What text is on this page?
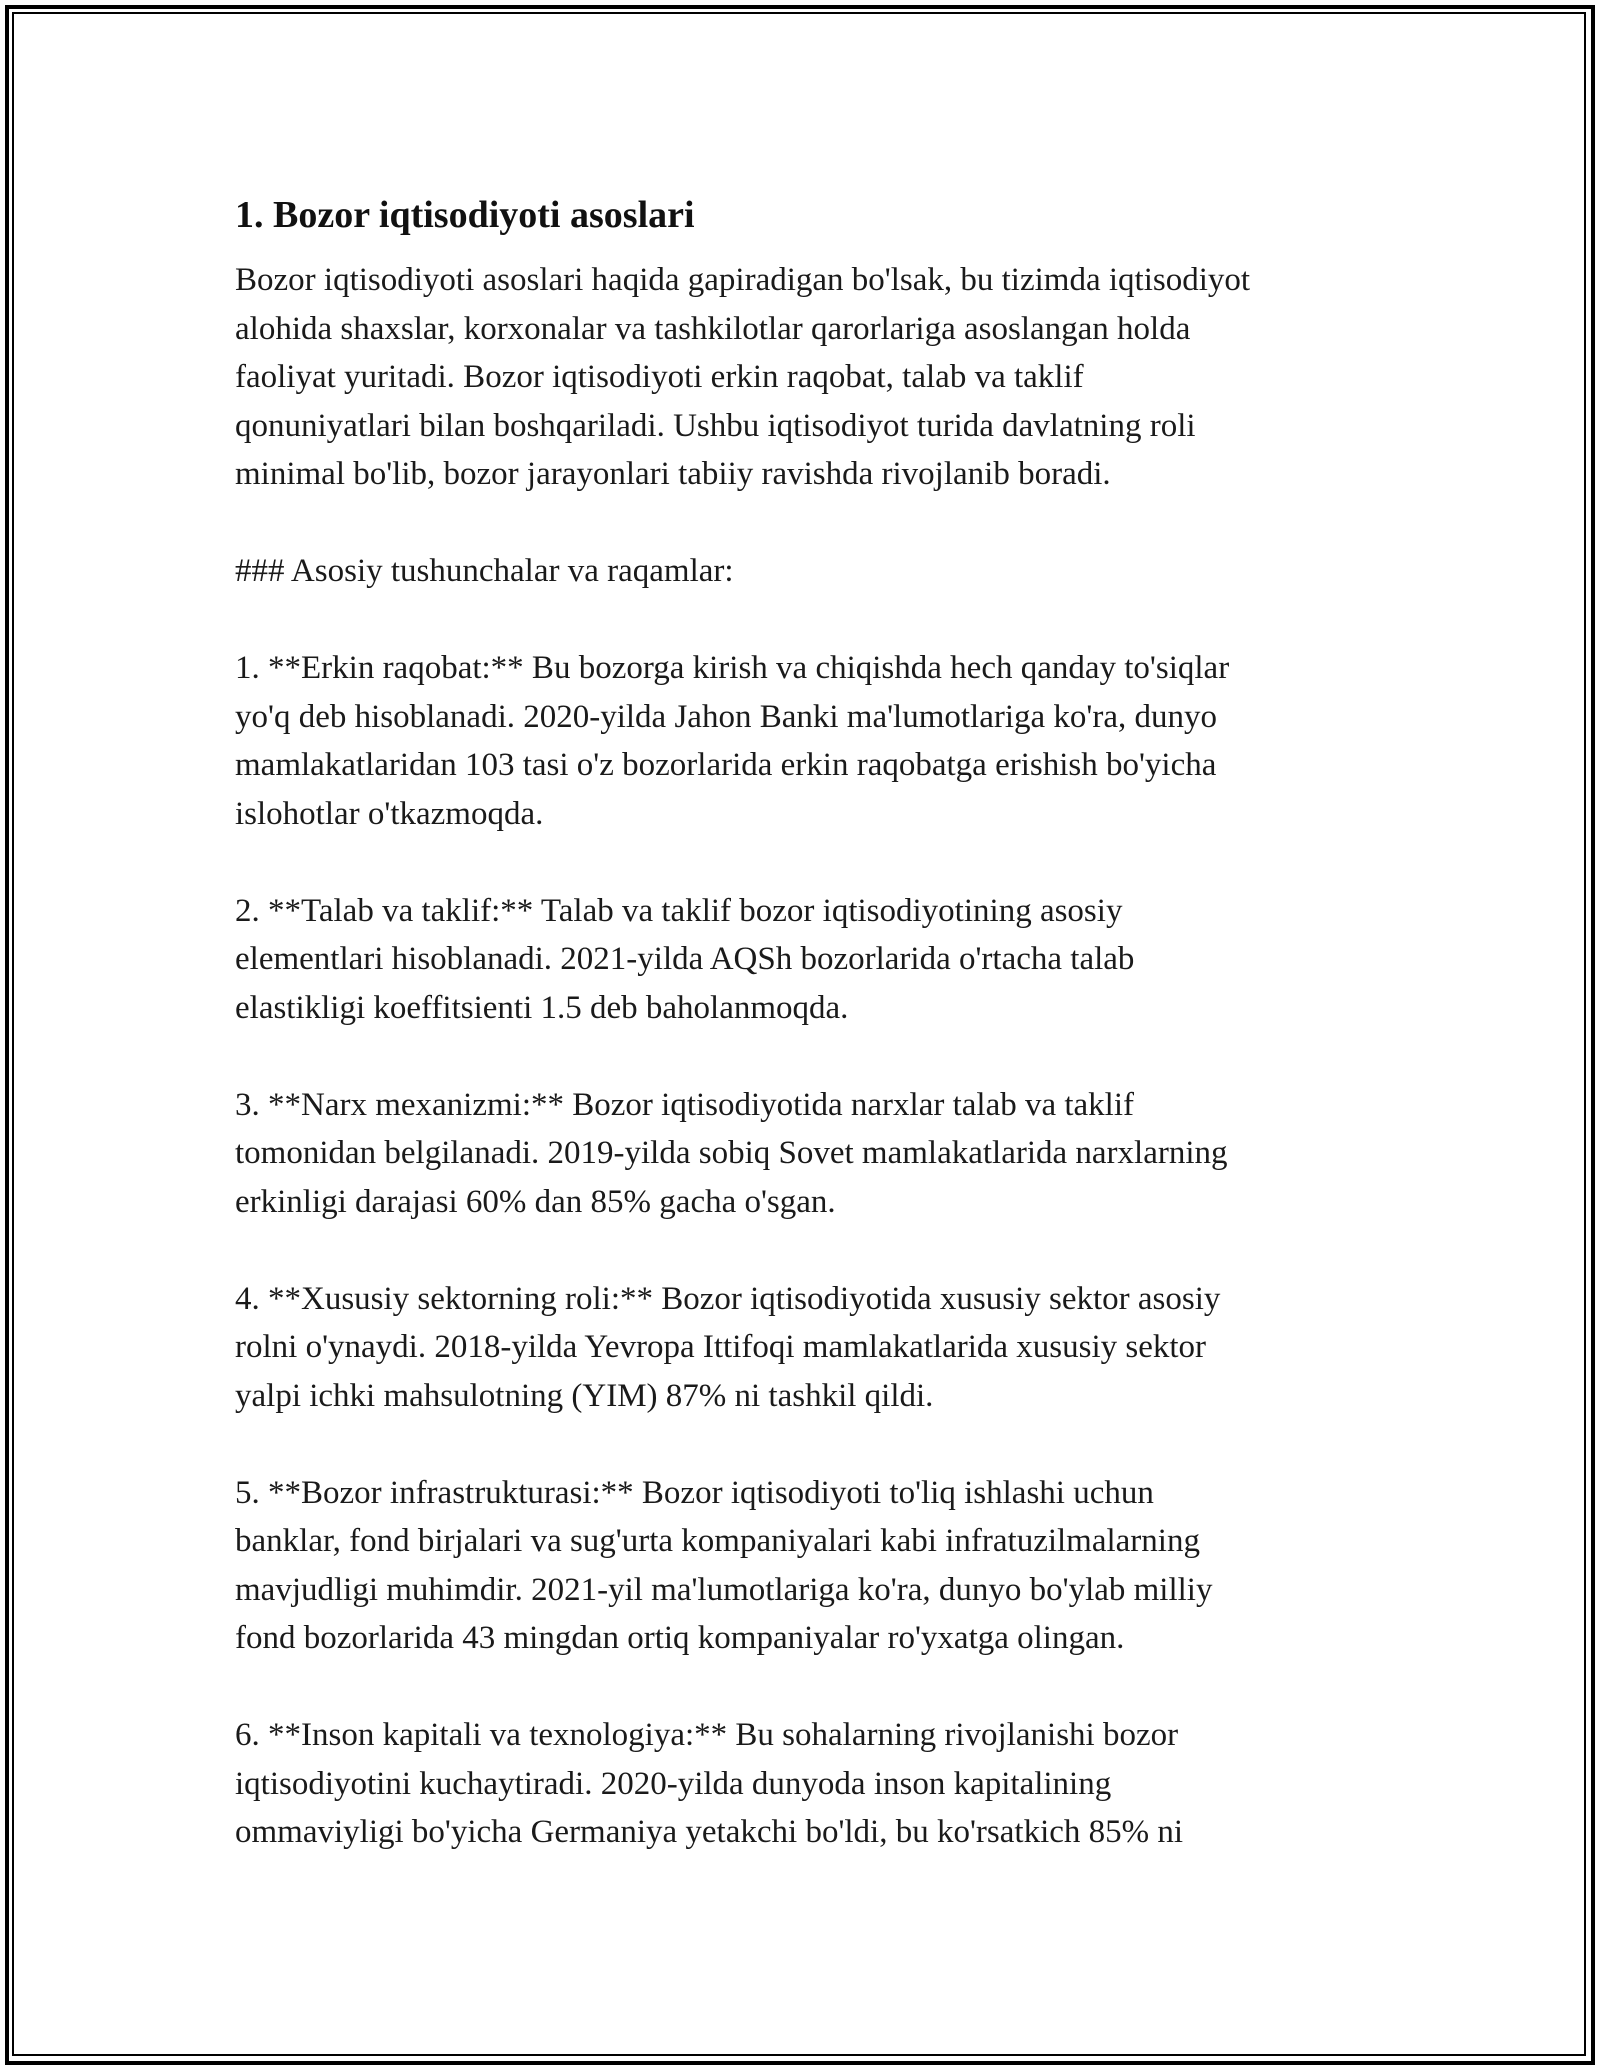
1. Bozor iqtisodiyoti asoslari

Bozor iqtisodiyoti asoslari haqida gapiradigan bo'lsak, bu tizimda iqtisodiyot
alohida shaxslar, korxonalar va tashkilotlar qarorlariga asoslangan holda
faoliyat yuritadi. Bozor iqtisodiyoti erkin raqobat, talab va taklif
qonuniyatlari bilan boshqariladi. Ushbu iqtisodiyot turida davlatning roli
minimal bo'lib, bozor jarayonlari tabiiy ravishda rivojlanib boradi.

### Asosiy tushunchalar va raqamlar:

1. **Erkin raqobat:** Bu bozorga kirish va chiqishda hech qanday to'siqlar
yo'q deb hisoblanadi. 2020-yilda Jahon Banki ma'lumotlariga ko'ra, dunyo
mamlakatlaridan 103 tasi o'z bozorlarida erkin raqobatga erishish bo'yicha
islohotlar o'tkazmoqda.

2. **Talab va taklif:** Talab va taklif bozor iqtisodiyotining asosiy
elementlari hisoblanadi. 2021-yilda AQSh bozorlarida o'rtacha talab
elastikligi koeffitsienti 1.5 deb baholanmoqda.

3. **Narx mexanizmi:** Bozor iqtisodiyotida narxlar talab va taklif
tomonidan belgilanadi. 2019-yilda sobiq Sovet mamlakatlarida narxlarning
erkinligi darajasi 60% dan 85% gacha o'sgan.

4. **Xususiy sektorning roli:** Bozor iqtisodiyotida xususiy sektor asosiy
rolni o'ynaydi. 2018-yilda Yevropa Ittifoqi mamlakatlarida xususiy sektor
yalpi ichki mahsulotning (YIM) 87% ni tashkil qildi.

5. **Bozor infrastrukturasi:** Bozor iqtisodiyoti to'liq ishlashi uchun
banklar, fond birjalari va sug'urta kompaniyalari kabi infratuzilmalarning
mavjudligi muhimdir. 2021-yil ma'lumotlariga ko'ra, dunyo bo'ylab milliy
fond bozorlarida 43 mingdan ortiq kompaniyalar ro'yxatga olingan.

6. **Inson kapitali va texnologiya:** Bu sohalarning rivojlanishi bozor
iqtisodiyotini kuchaytiradi. 2020-yilda dunyoda inson kapitalining
ommaviyligi bo'yicha Germaniya yetakchi bo'ldi, bu ko'rsatkich 85% ni
